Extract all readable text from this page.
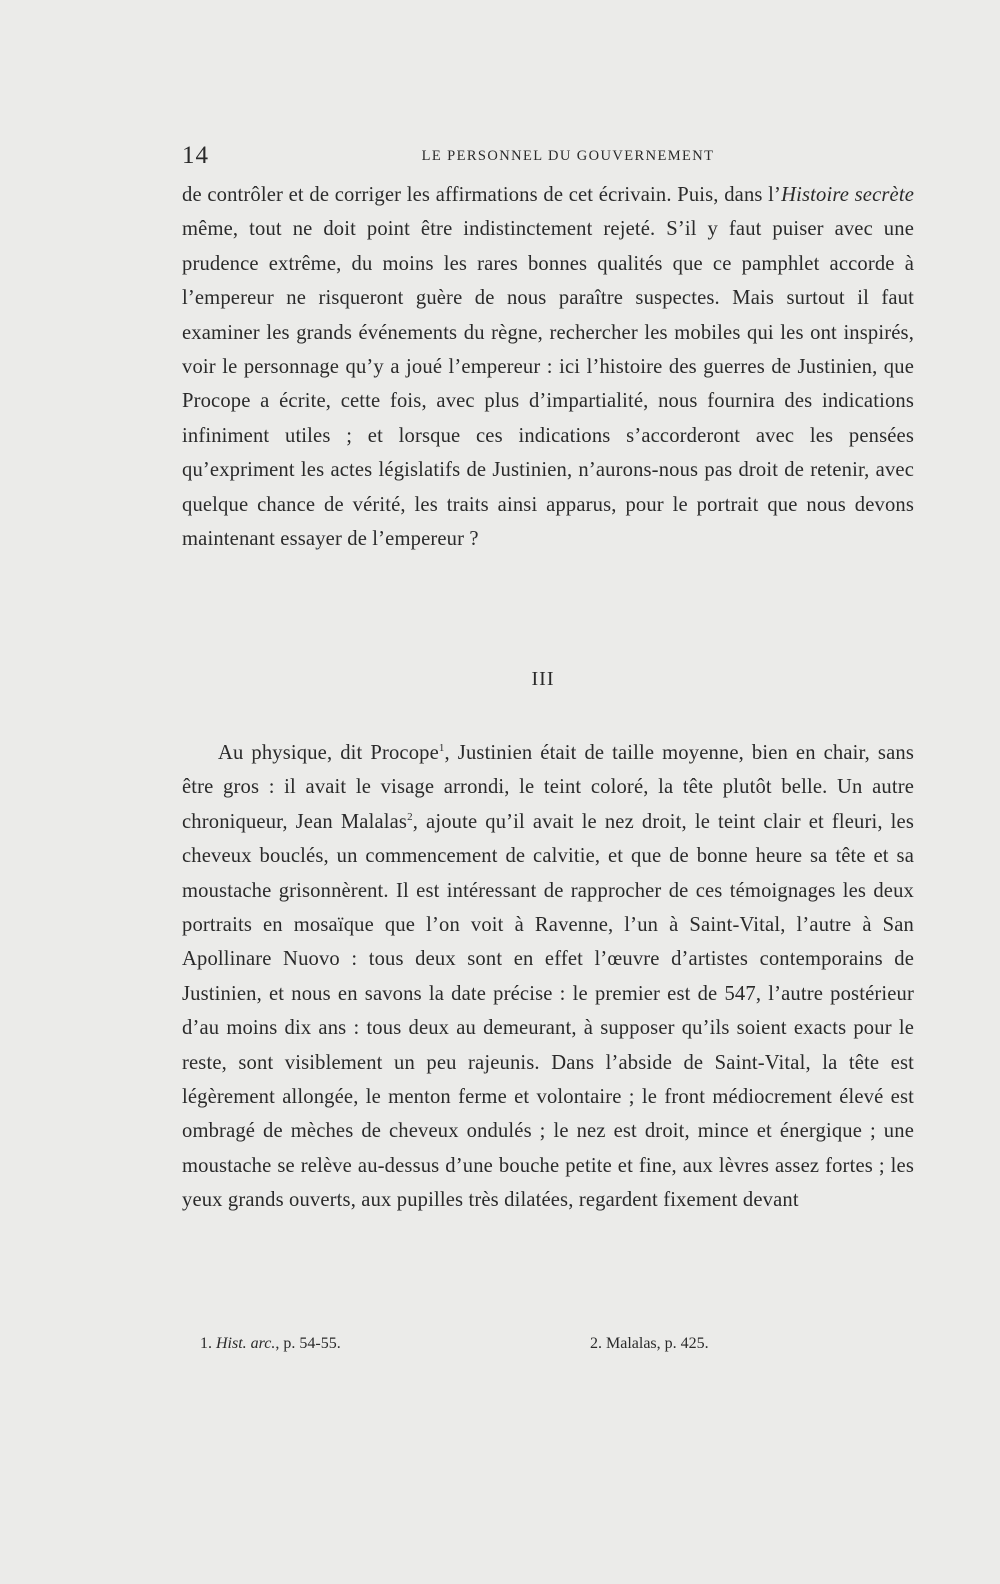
14	LE PERSONNEL DU GOUVERNEMENT

de contrôler et de corriger les affirmations de cet écrivain. Puis, dans l’Histoire secrète même, tout ne doit point être indistinctement rejeté. S’il y faut puiser avec une prudence extrême, du moins les rares bonnes qualités que ce pamphlet accorde à l’empereur ne risqueront guère de nous paraître suspectes. Mais surtout il faut examiner les grands événements du règne, rechercher les mobiles qui les ont inspirés, voir le personnage qu’y a joué l’empereur : ici l’histoire des guerres de Justinien, que Procope a écrite, cette fois, avec plus d’impartialité, nous fournira des indications infiniment utiles ; et lorsque ces indications s’accorderont avec les pensées qu’expriment les actes législatifs de Justinien, n’aurons-nous pas droit de retenir, avec quelque chance de vérité, les traits ainsi apparus, pour le portrait que nous devons maintenant essayer de l’empereur ?

III

Au physique, dit Procope$^1$, Justinien était de taille moyenne, bien en chair, sans être gros : il avait le visage arrondi, le teint coloré, la tête plutôt belle. Un autre chroniqueur, Jean Malalas$^2$, ajoute qu’il avait le nez droit, le teint clair et fleuri, les cheveux bouclés, un commencement de calvitie, et que de bonne heure sa tête et sa moustache grisonnèrent. Il est intéressant de rapprocher de ces témoignages les deux portraits en mosaïque que l’on voit à Ravenne, l’un à Saint-Vital, l’autre à San Apollinare Nuovo : tous deux sont en effet l’œuvre d’artistes contemporains de Justinien, et nous en savons la date précise : le premier est de 547, l’autre postérieur d’au moins dix ans : tous deux au demeurant, à supposer qu’ils soient exacts pour le reste, sont visiblement un peu rajeunis. Dans l’abside de Saint-Vital, la tête est légèrement allongée, le menton ferme et volontaire ; le front médiocrement élevé est ombragé de mèches de cheveux ondulés ; le nez est droit, mince et énergique ; une moustache se relève au-dessus d’une bouche petite et fine, aux lèvres assez fortes ; les yeux grands ouverts, aux pupilles très dilatées, regardent fixement devant

1. Hist. arc., p. 54-55.	2. Malalas, p. 425.
